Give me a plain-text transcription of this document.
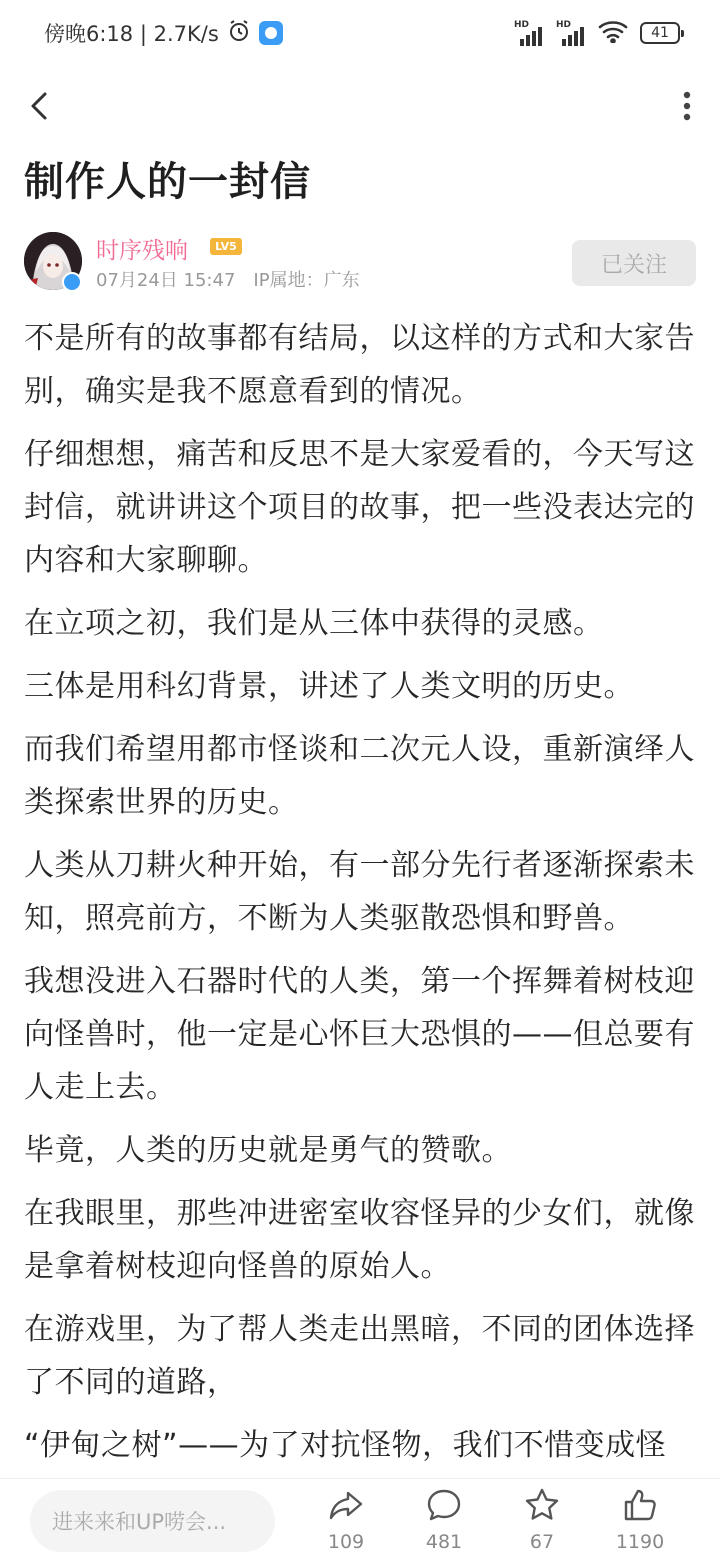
傍晚6:18 | 2.7K/s	HD	HD	41
制作人的一封信
时序残响	LV5
07月24日 15:47 IP属地：广东
已关注

不是所有的故事都有结局，以这样的方式和大家告别，确实是我不愿意看到的情况。

仔细想想，痛苦和反思不是大家爱看的，今天写这封信，就讲讲这个项目的故事，把一些没表达完的内容和大家聊聊。

在立项之初，我们是从三体中获得的灵感。

三体是用科幻背景，讲述了人类文明的历史。

而我们希望用都市怪谈和二次元人设，重新演绎人类探索世界的历史。

人类从刀耕火种开始，有一部分先行者逐渐探索未知，照亮前方，不断为人类驱散恐惧和野兽。

我想没进入石器时代的人类，第一个挥舞着树枝迎向怪兽时，他一定是心怀巨大恐惧的——但总要有人走上去。

毕竟，人类的历史就是勇气的赞歌。

在我眼里，那些冲进密室收容怪异的少女们，就像是拿着树枝迎向怪兽的原始人。

在游戏里，为了帮人类走出黑暗，不同的团体选择了不同的道路，

“伊甸之树”——为了对抗怪物，我们不惜变成怪

进来来和UP唠会...
109	481	67	1190
